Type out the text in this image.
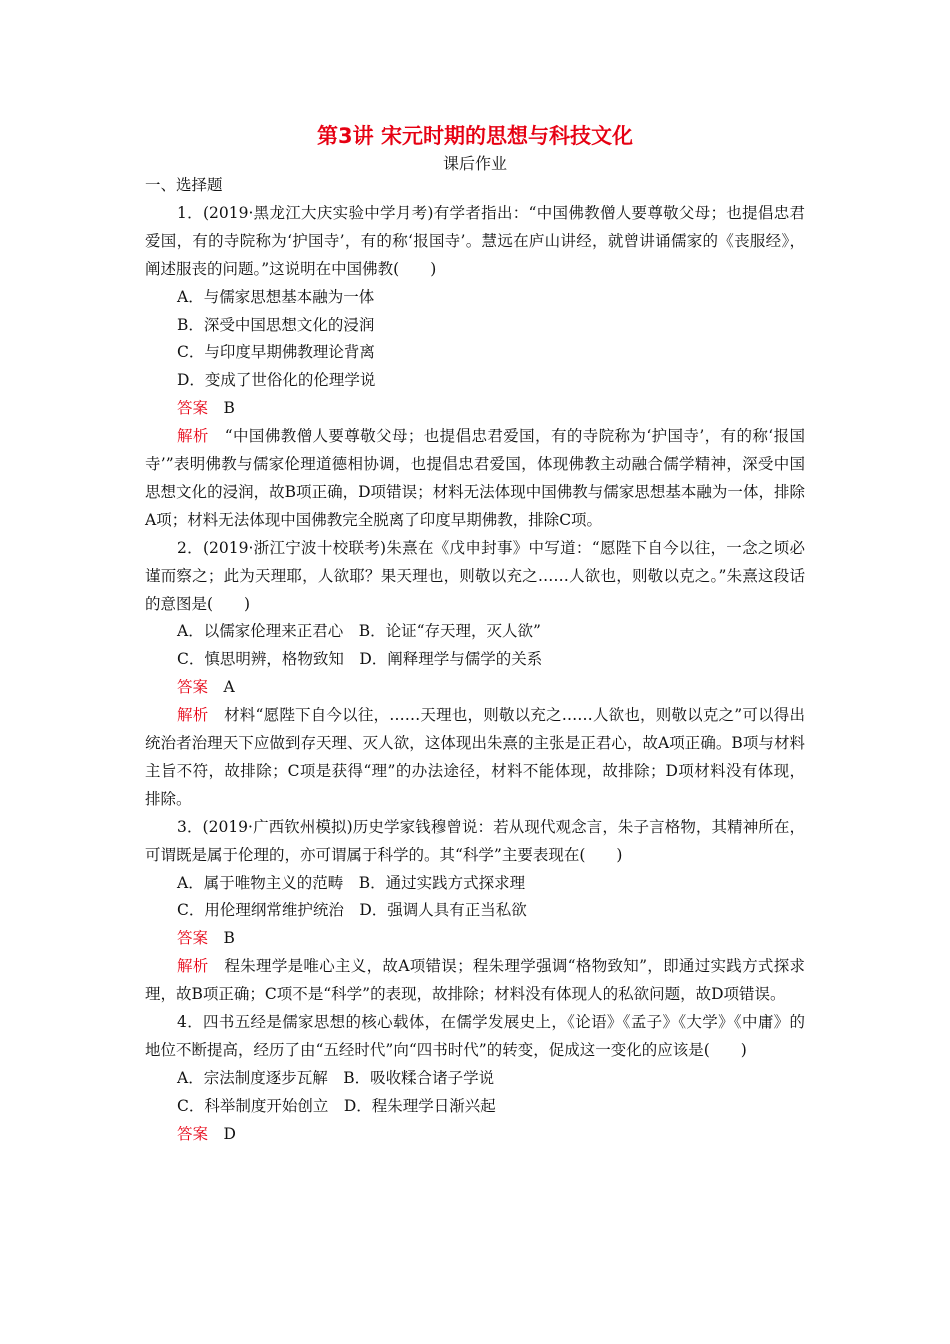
第3讲 宋元时期的思想与科技文化
课后作业
一、选择题
1．(2019·黑龙江大庆实验中学月考)有学者指出：“中国佛教僧人要尊敬父母；也提倡忠君爱国，有的寺院称为‘护国寺’，有的称‘报国寺’。慧远在庐山讲经，就曾讲诵儒家的《丧服经》，阐述服丧的问题。”这说明在中国佛教(　　)
A．与儒家思想基本融为一体
B．深受中国思想文化的浸润
C．与印度早期佛教理论背离
D．变成了世俗化的伦理学说
答案　 B
解析　 “中国佛教僧人要尊敬父母；也提倡忠君爱国，有的寺院称为‘护国寺’，有的称‘报国寺’”表明佛教与儒家伦理道德相协调，也提倡忠君爱国，体现佛教主动融合儒学精神，深受中国思想文化的浸润，故B项正确，D项错误；材料无法体现中国佛教与儒家思想基本融为一体，排除A项；材料无法体现中国佛教完全脱离了印度早期佛教，排除C项。
2．(2019·浙江宁波十校联考)朱熹在《戊申封事》中写道：“愿陛下自今以往，一念之顷必谨而察之；此为天理耶，人欲耶？果天理也，则敬以充之……人欲也，则敬以克之。”朱熹这段话的意图是(　　)
A．以儒家伦理来正君心　B．论证“存天理，灭人欲”
C．慎思明辨，格物致知　D．阐释理学与儒学的关系
答案　 A
解析　 材料“愿陛下自今以往，……天理也，则敬以充之……人欲也，则敬以克之”可以得出统治者治理天下应做到存天理、灭人欲，这体现出朱熹的主张是正君心，故A项正确。B项与材料主旨不符，故排除；C项是获得“理”的办法途径，材料不能体现，故排除；D项材料没有体现，排除。
3．(2019·广西钦州模拟)历史学家钱穆曾说：若从现代观念言，朱子言格物，其精神所在，可谓既是属于伦理的，亦可谓属于科学的。其“科学”主要表现在(　　)
A．属于唯物主义的范畴　B．通过实践方式探求理
C．用伦理纲常维护统治　D．强调人具有正当私欲
答案　 B
解析　 程朱理学是唯心主义，故A项错误；程朱理学强调“格物致知”，即通过实践方式探求理，故B项正确；C项不是“科学”的表现，故排除；材料没有体现人的私欲问题，故D项错误。
4．四书五经是儒家思想的核心载体，在儒学发展史上，《论语》《孟子》《大学》《中庸》的地位不断提高，经历了由“五经时代”向“四书时代”的转变，促成这一变化的应该是(　　)
A．宗法制度逐步瓦解　B．吸收糅合诸子学说
C．科举制度开始创立　D．程朱理学日渐兴起
答案　 D
